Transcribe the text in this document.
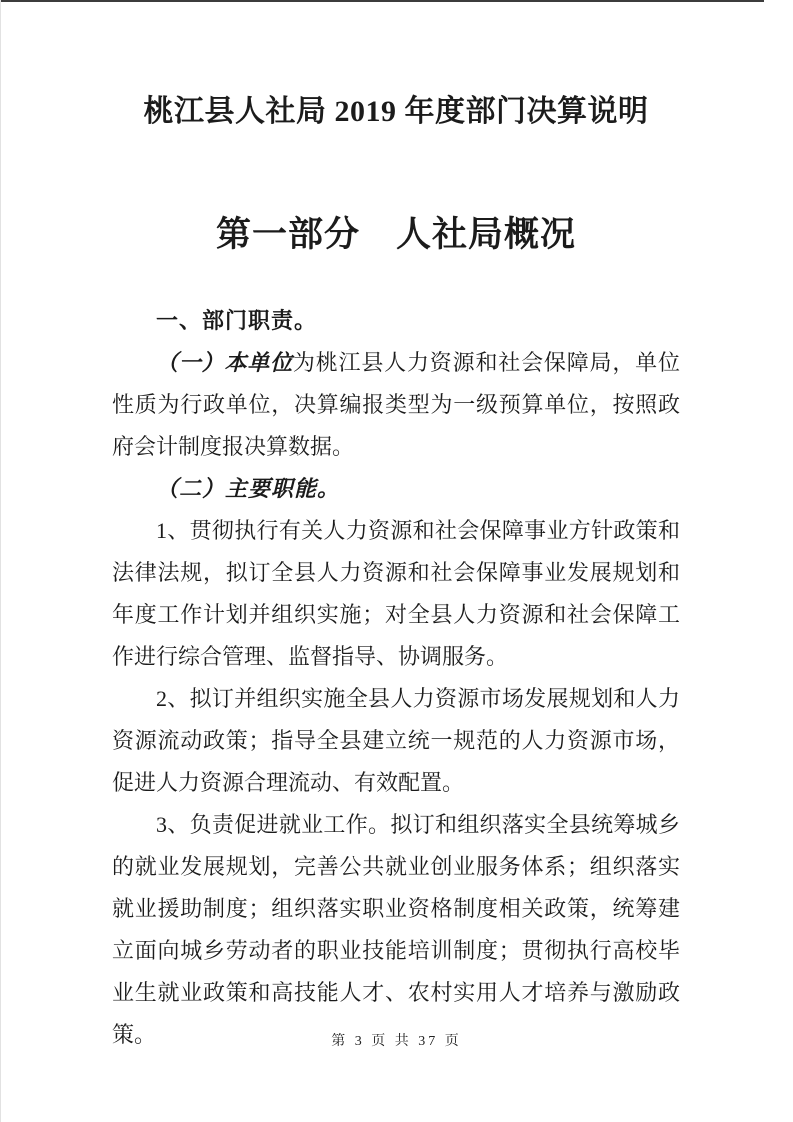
桃江县人社局 2019 年度部门决算说明
第一部分　人社局概况

一、部门职责。

（一）本单位为桃江县人力资源和社会保障局，单位性质为行政单位，决算编报类型为一级预算单位，按照政府会计制度报决算数据。

（二）主要职能。

1、贯彻执行有关人力资源和社会保障事业方针政策和法律法规，拟订全县人力资源和社会保障事业发展规划和年度工作计划并组织实施；对全县人力资源和社会保障工作进行综合管理、监督指导、协调服务。

2、拟订并组织实施全县人力资源市场发展规划和人力资源流动政策；指导全县建立统一规范的人力资源市场，促进人力资源合理流动、有效配置。

3、负责促进就业工作。拟订和组织落实全县统筹城乡的就业发展规划，完善公共就业创业服务体系；组织落实就业援助制度；组织落实职业资格制度相关政策，统筹建立面向城乡劳动者的职业技能培训制度；贯彻执行高校毕业生就业政策和高技能人才、农村实用人才培养与激励政策。	第 3 页 共 37 页
